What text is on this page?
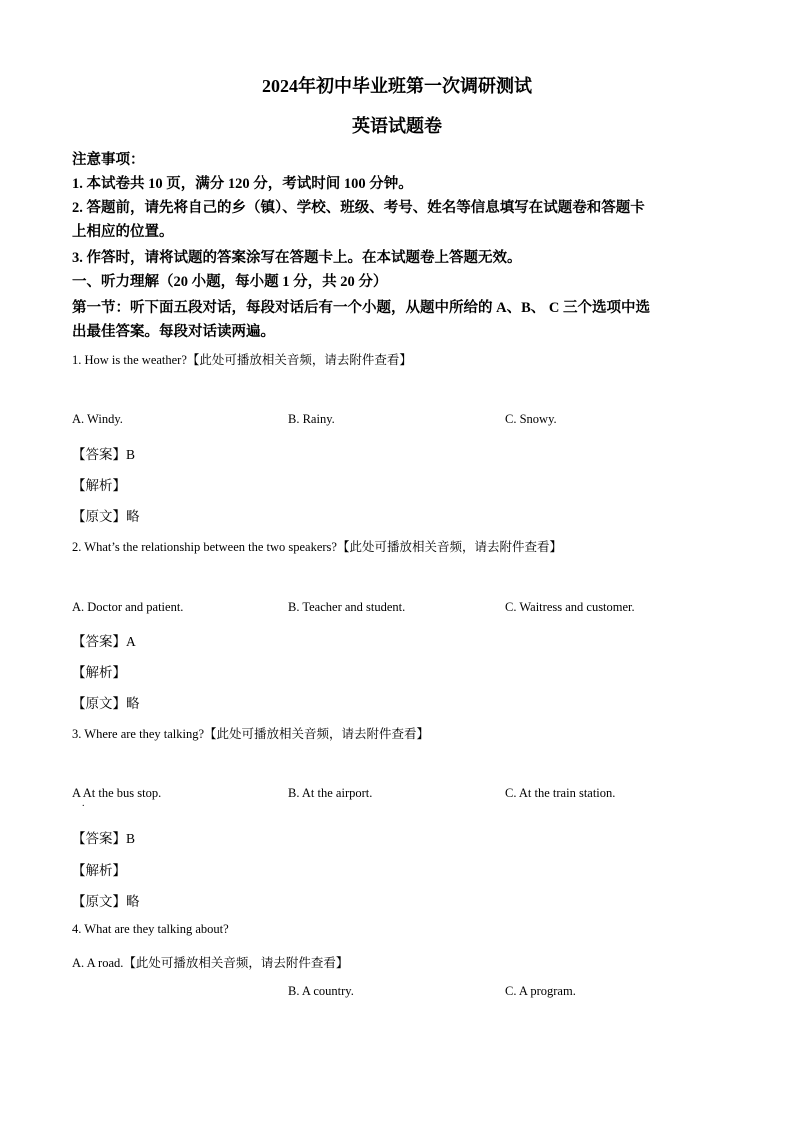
2024年初中毕业班第一次调研测试
英语试题卷
注意事项：
1. 本试卷共 10 页，满分 120 分，考试时间 100 分钟。
2. 答题前，请先将自己的乡（镇）、学校、班级、考号、姓名等信息填写在试题卷和答题卡
上相应的位置。
3. 作答时，请将试题的答案涂写在答题卡上。在本试题卷上答题无效。
一、听力理解（20 小题，每小题 1 分，共 20 分）
第一节：听下面五段对话，每段对话后有一个小题，从题中所给的 A、B、 C 三个选项中选
出最佳答案。每段对话读两遍。
1. How is the weather?【此处可播放相关音频，请去附件查看】
A. Windy.	B. Rainy.	C. Snowy.
【答案】B
【解析】
【原文】略
2. What’s the relationship between the two speakers?【此处可播放相关音频，请去附件查看】
A. Doctor and patient.	B. Teacher and student.	C. Waitress and customer.
【答案】A
【解析】
【原文】略
3. Where are they talking?【此处可播放相关音频，请去附件查看】
A At the bus stop.
.
B. At the airport.	C. At the train station.
【答案】B
【解析】
【原文】略
4. What are they talking about?
A. A road.【此处可播放相关音频，请去附件查看】
B. A country.	C. A program.
